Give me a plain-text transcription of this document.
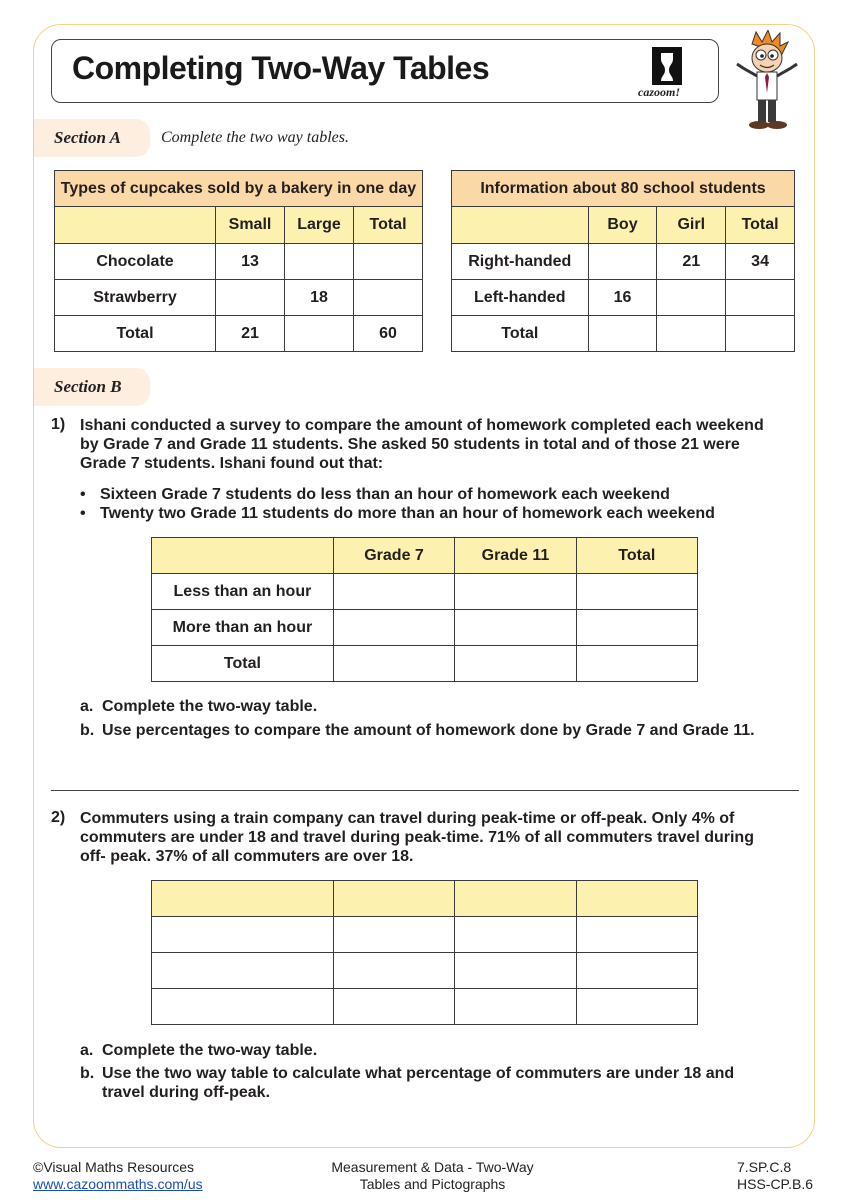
Completing Two-Way Tables
cazoom!
Section A	Complete the two way tables.
Types of cupcakes sold by a bakery in one day			
	Small	Large	Total
Chocolate	13		
Strawberry		18	
Total	21		60
Information about 80 school students			
	Boy	Girl	Total
Right-handed		21	34
Left-handed	16		
Total			
Section B
1) Ishani conducted a survey to compare the amount of homework completed each weekend
by Grade 7 and Grade 11 students. She asked 50 students in total and of those 21 were
Grade 7 students. Ishani found out that:
• Sixteen Grade 7 students do less than an hour of homework each weekend
• Twenty two Grade 11 students do more than an hour of homework each weekend
	Grade 7	Grade 11	Total
Less than an hour			
More than an hour			
Total			
a. Complete the two-way table.
b. Use percentages to compare the amount of homework done by Grade 7 and Grade 11.
2) Commuters using a train company can travel during peak-time or off-peak. Only 4% of
commuters are under 18 and travel during peak-time. 71% of all commuters travel during
off- peak. 37% of all commuters are over 18.

a. Complete the two-way table.
b. Use the two way table to calculate what percentage of commuters are under 18 and
travel during off-peak.
©Visual Maths Resources
www.cazoommaths.com/us
Measurement & Data - Two-Way
Tables and Pictographs
7.SP.C.8
HSS-CP.B.6
